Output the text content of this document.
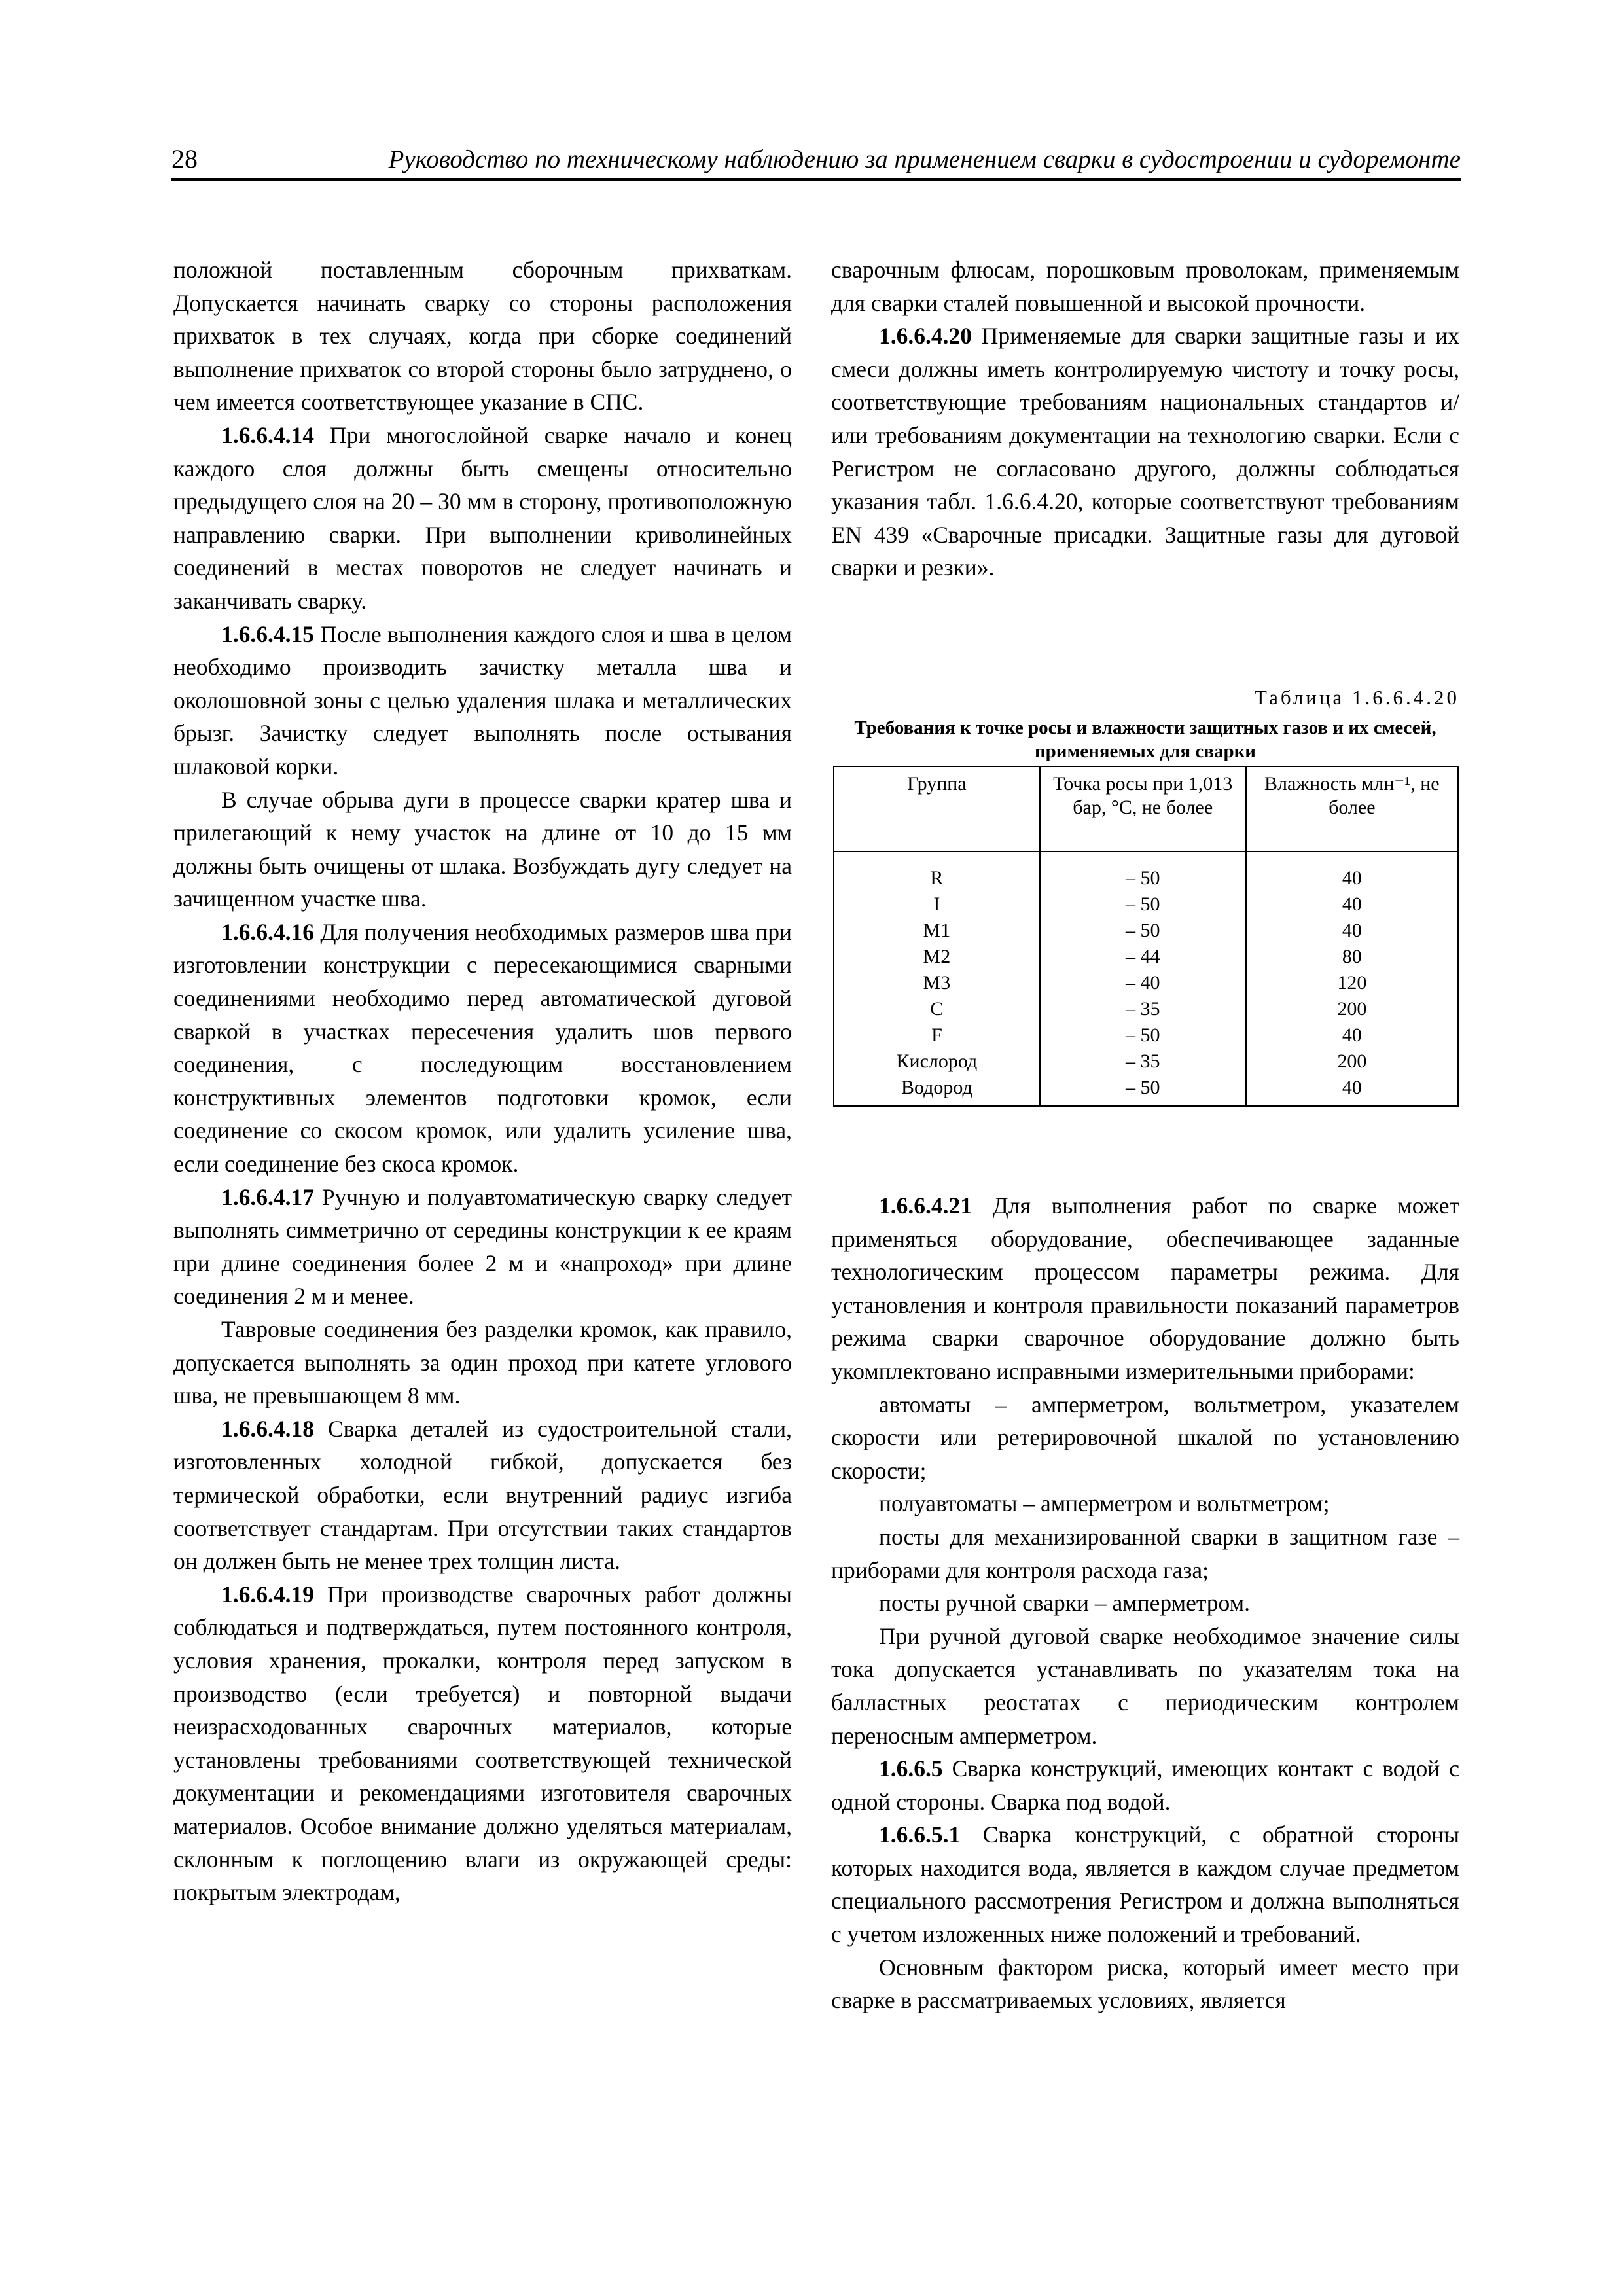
28	Руководство по техническому наблюдению за применением сварки в судостроении и судоремонте

положной поставленным сборочным прихваткам. Допускается начинать сварку со стороны расположения прихваток в тех случаях, когда при сборке соединений выполнение прихваток со второй стороны было затруднено, о чем имеется соответствующее указание в СПС.

1.6.6.4.14 При многослойной сварке начало и конец каждого слоя должны быть смещены относительно предыдущего слоя на 20 – 30 мм в сторону, противоположную направлению сварки. При выполнении криволинейных соединений в местах поворотов не следует начинать и заканчивать сварку.

1.6.6.4.15 После выполнения каждого слоя и шва в целом необходимо производить зачистку металла шва и околошовной зоны с целью удаления шлака и металлических брызг. Зачистку следует выполнять после остывания шлаковой корки.

В случае обрыва дуги в процессе сварки кратер шва и прилегающий к нему участок на длине от 10 до 15 мм должны быть очищены от шлака. Возбуждать дугу следует на зачищенном участке шва.

1.6.6.4.16 Для получения необходимых размеров шва при изготовлении конструкции с пересекающимися сварными соединениями необходимо перед автоматической дуговой сваркой в участках пересечения удалить шов первого соединения, с последующим восстановлением конструктивных элементов подготовки кромок, если соединение со скосом кромок, или удалить усиление шва, если соединение без скоса кромок.

1.6.6.4.17 Ручную и полуавтоматическую сварку следует выполнять симметрично от середины конструкции к ее краям при длине соединения более 2 м и «напроход» при длине соединения 2 м и менее.

Тавровые соединения без разделки кромок, как правило, допускается выполнять за один проход при катете углового шва, не превышающем 8 мм.

1.6.6.4.18 Сварка деталей из судостроительной стали, изготовленных холодной гибкой, допускается без термической обработки, если внутренний радиус изгиба соответствует стандартам. При отсутствии таких стандартов он должен быть не менее трех толщин листа.

1.6.6.4.19 При производстве сварочных работ должны соблюдаться и подтверждаться, путем постоянного контроля, условия хранения, прокалки, контроля перед запуском в производство (если требуется) и повторной выдачи неизрасходованных сварочных материалов, которые установлены требованиями соответствующей технической документации и рекомендациями изготовителя сварочных материалов. Особое внимание должно уделяться материалам, склонным к поглощению влаги из окружающей среды: покрытым электродам,

сварочным флюсам, порошковым проволокам, применяемым для сварки сталей повышенной и высокой прочности.

1.6.6.4.20 Применяемые для сварки защитные газы и их смеси должны иметь контролируемую чистоту и точку росы, соответствующие требованиям национальных стандартов и/или требованиям документации на технологию сварки. Если с Регистром не согласовано другого, должны соблюдаться указания табл. 1.6.6.4.20, которые соответствуют требованиям EN 439 «Сварочные присадки. Защитные газы для дуговой сварки и резки».

Таблица 1.6.6.4.20
Требования к точке росы и влажности защитных газов и их смесей, применяемых для сварки
Группа	Точка росы при 1,013 бар, °C, не более	Влажность млн⁻¹, не более
R	– 50	40
I	– 50	40
M1	– 50	40
M2	– 44	80
M3	– 40	120
C	– 35	200
F	– 50	40
Кислород	– 35	200
Водород	– 50	40

1.6.6.4.21 Для выполнения работ по сварке может применяться оборудование, обеспечивающее заданные технологическим процессом параметры режима. Для установления и контроля правильности показаний параметров режима сварки сварочное оборудование должно быть укомплектовано исправными измерительными приборами:

автоматы – амперметром, вольтметром, указателем скорости или ретерировочной шкалой по установлению скорости;

полуавтоматы – амперметром и вольтметром;

посты для механизированной сварки в защитном газе – приборами для контроля расхода газа;

посты ручной сварки – амперметром.

При ручной дуговой сварке необходимое значение силы тока допускается устанавливать по указателям тока на балластных реостатах с периодическим контролем переносным амперметром.

1.6.6.5 Сварка конструкций, имеющих контакт с водой с одной стороны. Сварка под водой.

1.6.6.5.1 Сварка конструкций, с обратной стороны которых находится вода, является в каждом случае предметом специального рассмотрения Регистром и должна выполняться с учетом изложенных ниже положений и требований.

Основным фактором риска, который имеет место при сварке в рассматриваемых условиях, является
